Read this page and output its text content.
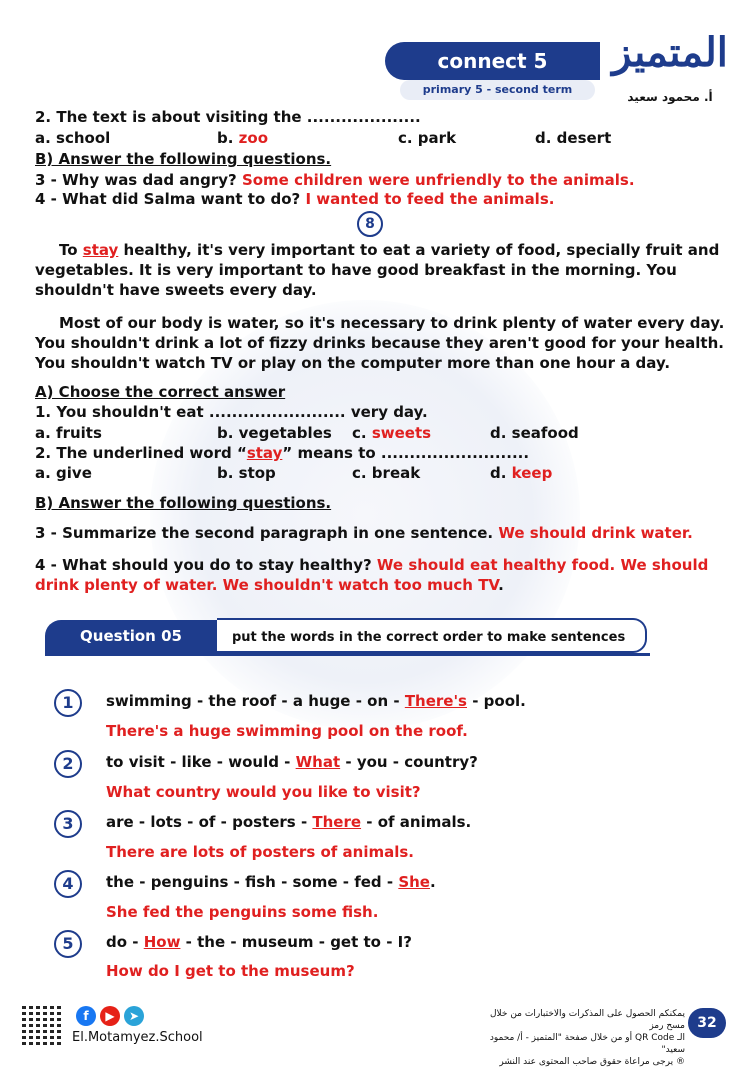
connect 5
primary 5 - second term
المتميز
أ. محمود سعيد
2. The text is about visiting the ....................
a. school	b. zoo	c. park	d. desert
B) Answer the following questions.
3 - Why was dad angry? Some children were unfriendly to the animals.
4 - What did Salma want to do? I wanted to feed the animals.
8
To stay healthy, it's very important to eat a variety of food, specially fruit and vegetables. It is very important to have good breakfast in the morning. You shouldn't have sweets every day.
Most of our body is water, so it's necessary to drink plenty of water every day. You shouldn't drink a lot of fizzy drinks because they aren't good for your health. You shouldn't watch TV or play on the computer more than one hour a day.
A) Choose the correct answer
1. You shouldn't eat ........................ very day.
a. fruits	b. vegetables c. sweets	d. seafood
2. The underlined word “stay” means to ..........................
a. give	b. stop	c. break	d. keep
B) Answer the following questions.
3 - Summarize the second paragraph in one sentence. We should drink water.
4 - What should you do to stay healthy? We should eat healthy food. We should drink plenty of water. We shouldn't watch too much TV.
Question 05	put the words in the correct order to make sentences
1	swimming - the roof - a huge - on - There's - pool.
There's a huge swimming pool on the roof.
2	to visit - like - would - What - you - country?
What country would you like to visit?
3	are - lots - of - posters - There - of animals.
There are lots of posters of animals.
4	the - penguins - fish - some - fed - She.
She fed the penguins some fish.
5	do - How - the - museum - get to - I?
How do I get to the museum?
f	▶	➤
El.Motamyez.School
يمكنكم الحصول على المذكرات والاختبارات من خلال مسح رمز
الـ QR Code أو من خلال صفحة "المتميز - أ/ محمود سعيد"
® يرجى مراعاة حقوق صاحب المحتوى عند النشر
32
